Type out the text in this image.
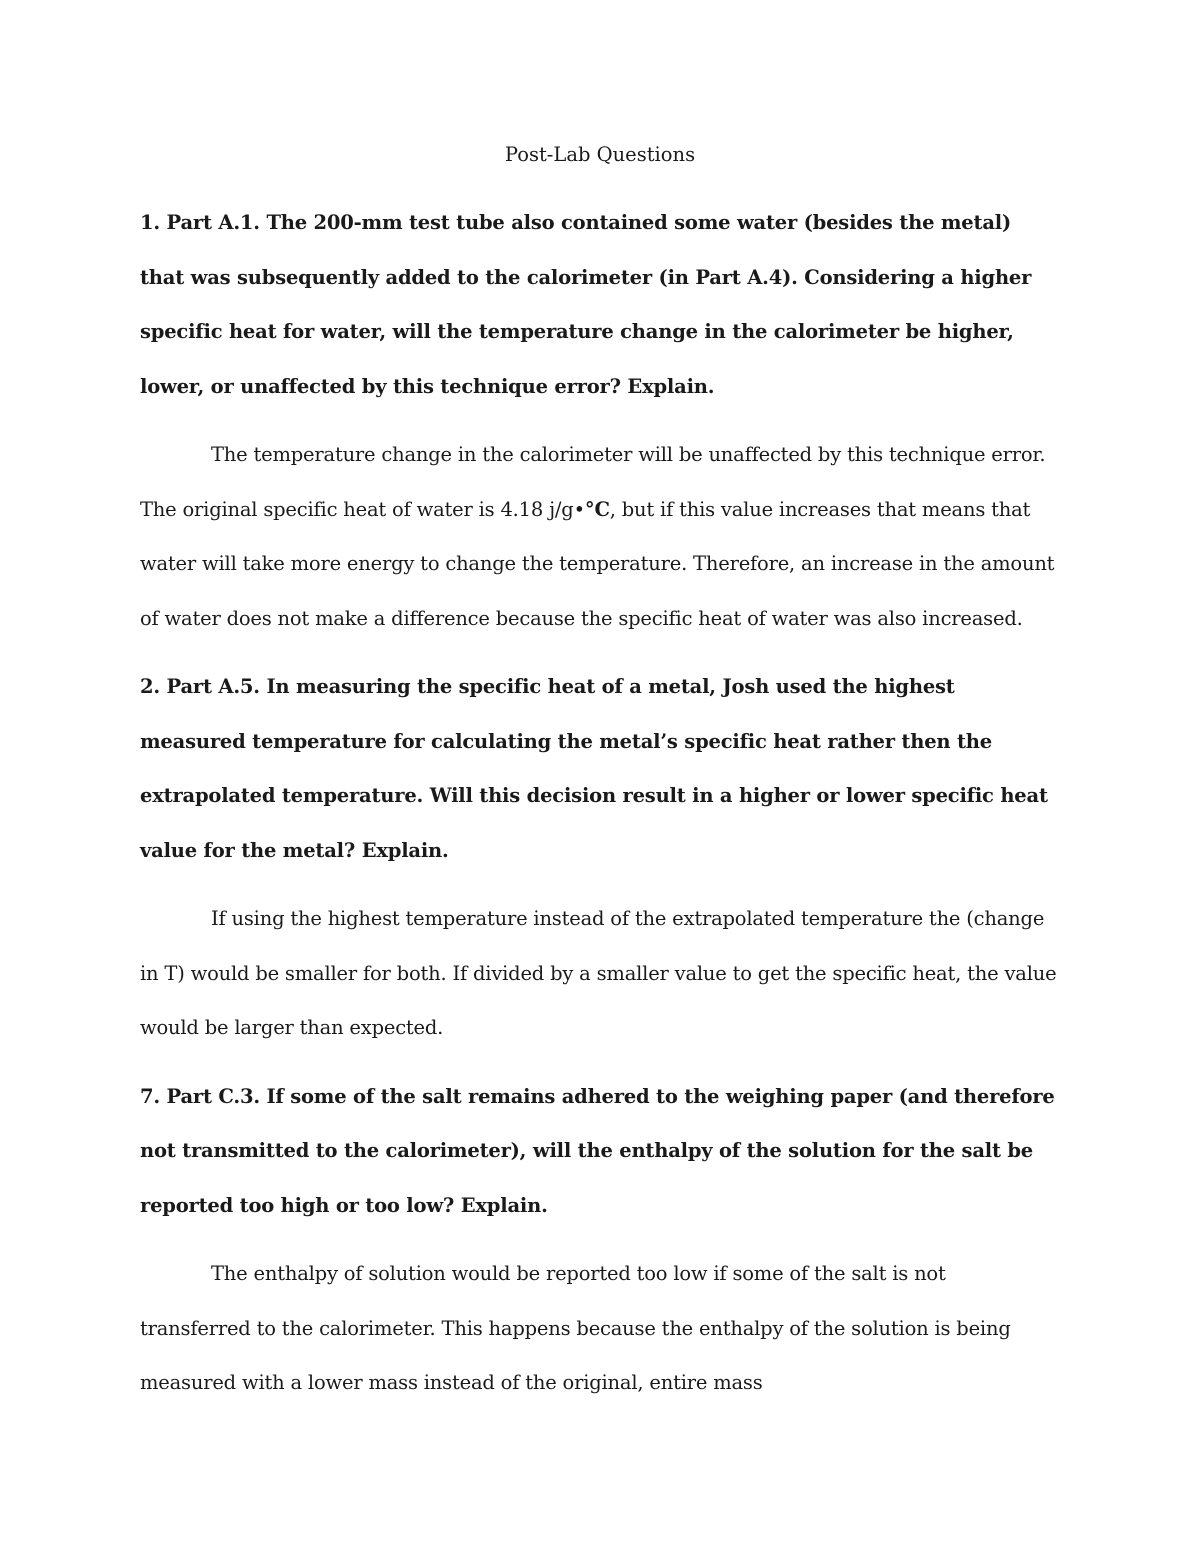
Post-Lab Questions

1. Part A.1. The 200-mm test tube also contained some water (besides the metal) that was subsequently added to the calorimeter (in Part A.4). Considering a higher specific heat for water, will the temperature change in the calorimeter be higher, lower, or unaffected by this technique error? Explain.

The temperature change in the calorimeter will be unaffected by this technique error. The original specific heat of water is 4.18 j/g•°C, but if this value increases that means that water will take more energy to change the temperature. Therefore, an increase in the amount of water does not make a difference because the specific heat of water was also increased.

2. Part A.5. In measuring the specific heat of a metal, Josh used the highest measured temperature for calculating the metal’s specific heat rather then the extrapolated temperature. Will this decision result in a higher or lower specific heat value for the metal? Explain.

If using the highest temperature instead of the extrapolated temperature the (change in T) would be smaller for both. If divided by a smaller value to get the specific heat, the value would be larger than expected.

7. Part C.3. If some of the salt remains adhered to the weighing paper (and therefore not transmitted to the calorimeter), will the enthalpy of the solution for the salt be reported too high or too low? Explain.

The enthalpy of solution would be reported too low if some of the salt is not transferred to the calorimeter. This happens because the enthalpy of the solution is being measured with a lower mass instead of the original, entire mass
